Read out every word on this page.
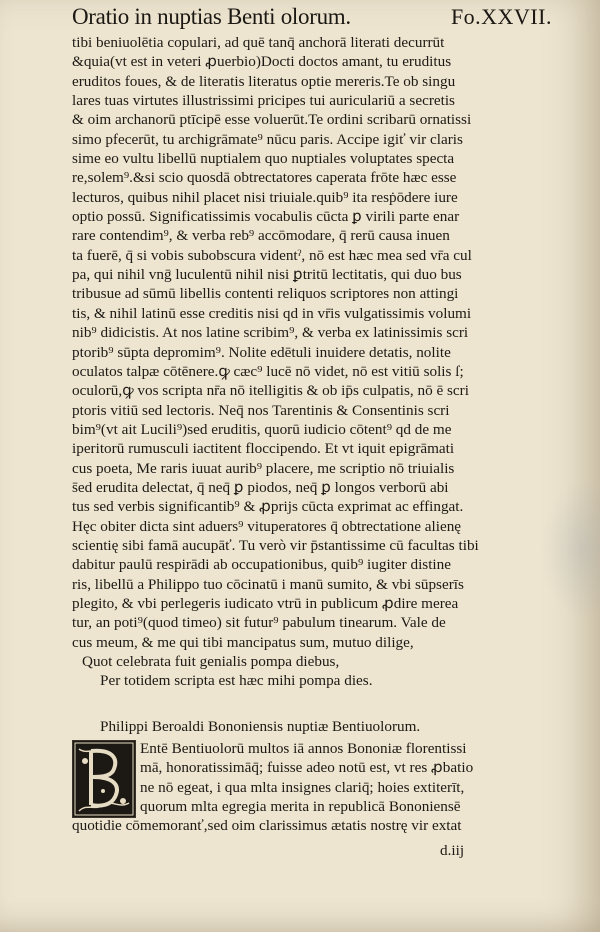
Oratio in nuptias Benti olorum.	Fo.XXVII.
tibi beniuolētia copulari, ad quē tanq̄ anchorā literati decurrūt
&quia(vt est in veteri ꝓuerbio)Docti doctos amant, tu eruditus
eruditos foues, & de literatis literatus optie mereris.Te ob singu
lares tuas virtutes illustrissimi pricipes tui auriculariū a secretis
& oim archanorū ptīcipē esse voluerūt.Te ordini scribarū ornatissi
simo pfecerūt, tu archigrāmate⁹ nūcu paris. Accipe igiť vir claris
sime eo vultu libellū nuptialem quo nuptiales voluptates spectа
re,solem⁹.&si scio quosdā obtrectatores caperata frōte hæc esse
lecturos, quibus nihil placet nisi triuiale.quib⁹ ita resṗōdere iure
optio possū. Significatissimis vocabulis cūcta ꝑ virili parte enar
rare contendim⁹, & verba reb⁹ accōmodare, q̄ rerū causa inuen
ta fuerē, q̄ si vobis subobscura videntˀ, nō est hæc mea sed vr̄a cul
pa, qui nihil vnḡ luculentū nihil nisi ꝑtritū lectitatis, qui duo bus
tribusue ad sūmū libellis contenti reliquos scriptores non attingi
tis, & nihil latinū esse creditis nisi qd in vr̄is vulgatissimis volumi
nib⁹ didicistis. At nos latine scribim⁹, & verba ex latinissimis scri
ptorib⁹ sūpta depromim⁹. Nolite edētuli inuidere detatis, nolite
oculatos talpæ cōtēnere.ꝙ cæc⁹ lucē nō videt, nō est vitiū solis ſ;
oculorū,ꝙ vos scripta nr̄a nō itelligitis & ob ip̄s culpatis, nō ē scri
ptoris vitiū sed lectoris. Neq̄ nos Tarentinis & Consentinis scri
bim⁹(vt ait Lucili⁹)sed eruditis, quorū iudicio cōtent⁹ qd de me
iperitorū rumusculi iactitent floccipendo. Et vt iquit epigrāmati
cus poeta, Me raris iuuat aurib⁹ placere, me scriptio nō triuialis
s̄ed erudita delectat, q̄ neq̄ ꝑ piodos, neq̄ ꝑ longos verborū abi
tus sed verbis significantib⁹ & ꝓprijs cūcta exprimat ac effingat.
Hęc obiter dicta sint aduers⁹ vituperatores q̄ obtrectatione alienę
scientię sibi famā aucupāť. Tu verò vir p̄stantissime cū facultas tibi
dabitur paulū respirādi ab occupationibus, quib⁹ iugiter distine
ris, libellū a Philippo tuo cōcinatū i manū sumito, & vbi sūpserīs
plegito, & vbi perlegeris iudicato vtrū in publicum ꝓdire merea
tur, an poti⁹(quod timeo) sit futur⁹ pabulum tinearum. Vale de
cus meum, & me qui tibi mancipatus sum, mutuo dilige,
Quot celebrata fuit genialis pompa diebus,
Per totidem scripta est hæc mihi pompa dies.
Philippi Beroaldi Bononiensis nuptiæ Bentiuolorum.
Entē Bentiuolorū multos iā annos Bononiæ florentissi
mā, honoratissimāq̄; fuisse adeo notū est, vt res ꝓbatio
ne nō egeat, i qua mlta insignes clariq̄; hoies extiterīt,
quorum mlta egregia merita in republicā Bononiensē
quotidie cōmemoranť,sed oim clarissimus ætatis nostrę vir extat
d.iij
